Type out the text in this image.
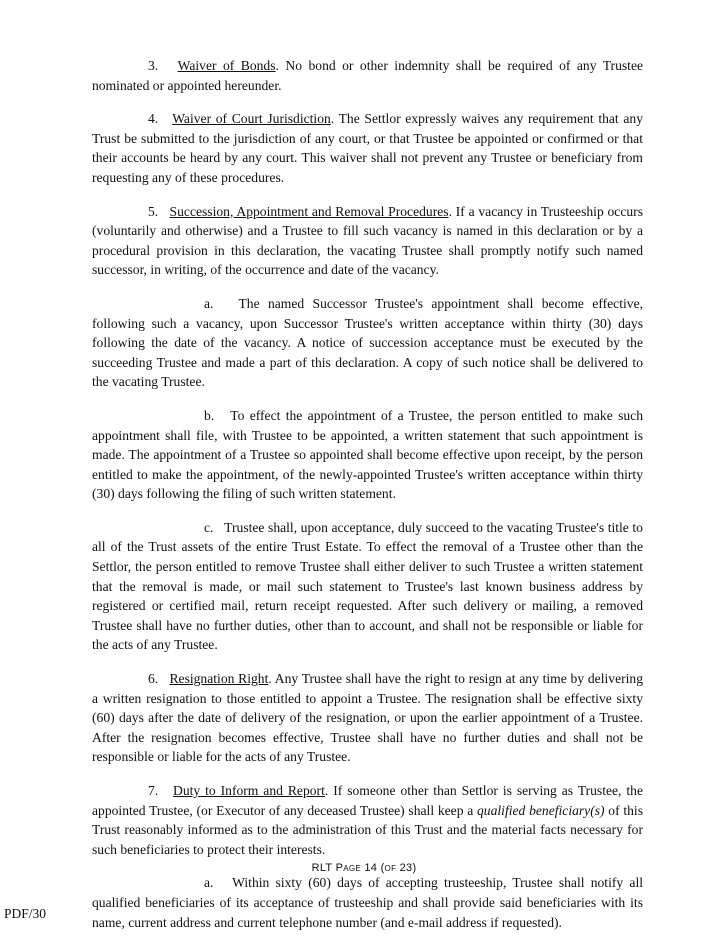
3. Waiver of Bonds. No bond or other indemnity shall be required of any Trustee nominated or appointed hereunder.

4. Waiver of Court Jurisdiction. The Settlor expressly waives any requirement that any Trust be submitted to the jurisdiction of any court, or that Trustee be appointed or confirmed or that their accounts be heard by any court. This waiver shall not prevent any Trustee or beneficiary from requesting any of these procedures.

5. Succession, Appointment and Removal Procedures. If a vacancy in Trusteeship occurs (voluntarily and otherwise) and a Trustee to fill such vacancy is named in this declaration or by a procedural provision in this declaration, the vacating Trustee shall promptly notify such named successor, in writing, of the occurrence and date of the vacancy.

a. The named Successor Trustee's appointment shall become effective, following such a vacancy, upon Successor Trustee's written acceptance within thirty (30) days following the date of the vacancy. A notice of succession acceptance must be executed by the succeeding Trustee and made a part of this declaration. A copy of such notice shall be delivered to the vacating Trustee.

b. To effect the appointment of a Trustee, the person entitled to make such appointment shall file, with Trustee to be appointed, a written statement that such appointment is made. The appointment of a Trustee so appointed shall become effective upon receipt, by the person entitled to make the appointment, of the newly-appointed Trustee's written acceptance within thirty (30) days following the filing of such written statement.

c. Trustee shall, upon acceptance, duly succeed to the vacating Trustee's title to all of the Trust assets of the entire Trust Estate. To effect the removal of a Trustee other than the Settlor, the person entitled to remove Trustee shall either deliver to such Trustee a written statement that the removal is made, or mail such statement to Trustee's last known business address by registered or certified mail, return receipt requested. After such delivery or mailing, a removed Trustee shall have no further duties, other than to account, and shall not be responsible or liable for the acts of any Trustee.

6. Resignation Right. Any Trustee shall have the right to resign at any time by delivering a written resignation to those entitled to appoint a Trustee. The resignation shall be effective sixty (60) days after the date of delivery of the resignation, or upon the earlier appointment of a Trustee. After the resignation becomes effective, Trustee shall have no further duties and shall not be responsible or liable for the acts of any Trustee.

7. Duty to Inform and Report. If someone other than Settlor is serving as Trustee, the appointed Trustee, (or Executor of any deceased Trustee) shall keep a qualified beneficiary(s) of this Trust reasonably informed as to the administration of this Trust and the material facts necessary for such beneficiaries to protect their interests.

a. Within sixty (60) days of accepting trusteeship, Trustee shall notify all qualified beneficiaries of its acceptance of trusteeship and shall provide said beneficiaries with its name, current address and current telephone number (and e-mail address if requested).

RLT Page 14 (of 23)
PDF/30
